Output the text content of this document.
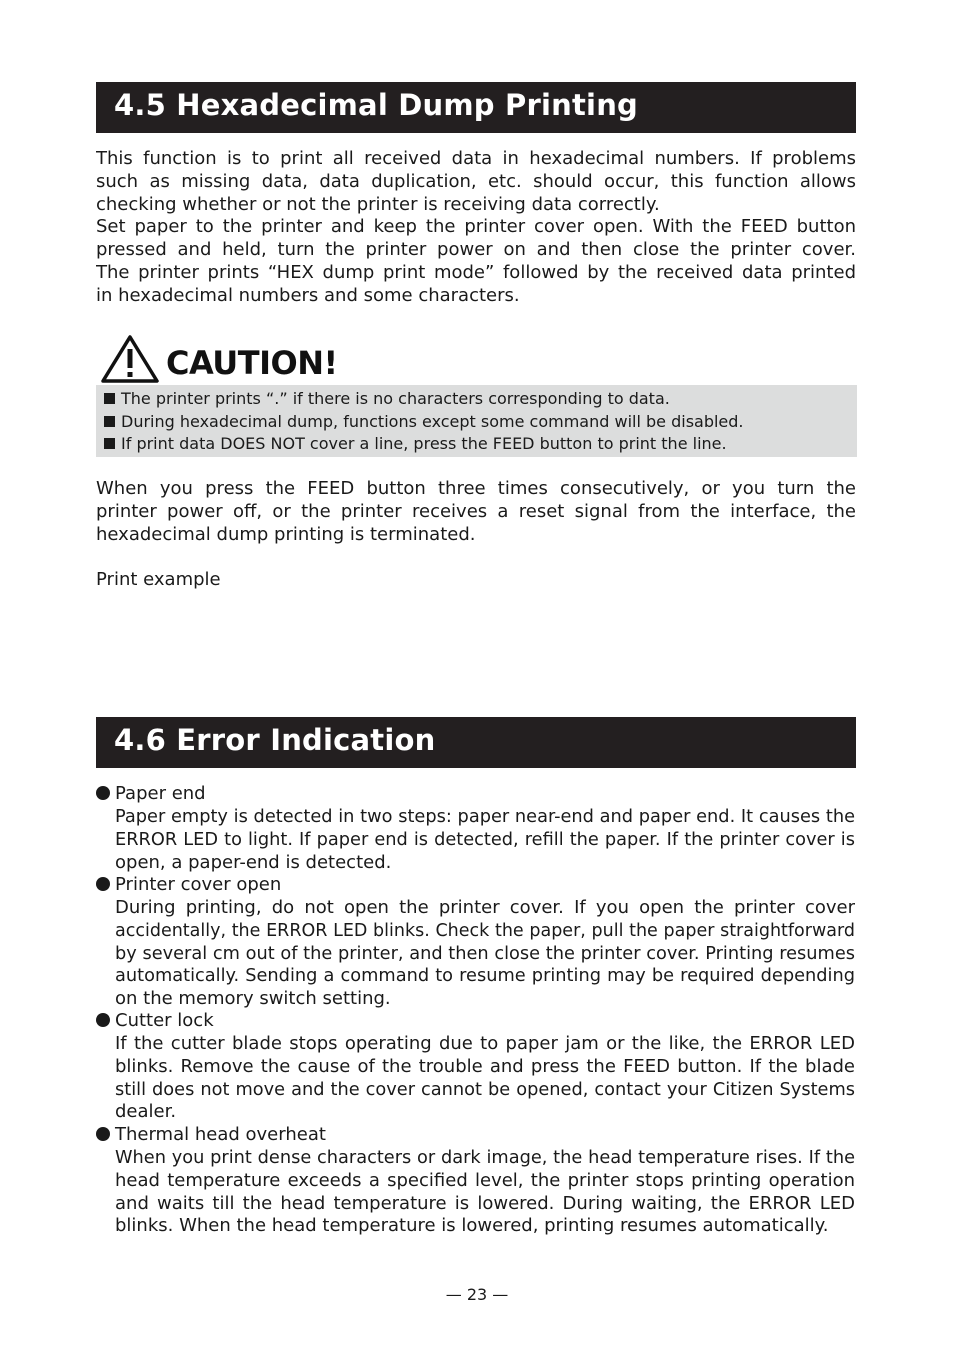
4.5 Hexadecimal Dump Printing
This function is to print all received data in hexadecimal numbers. If problems
such as missing data, data duplication, etc. should occur, this function allows
checking whether or not the printer is receiving data correctly.
Set paper to the printer and keep the printer cover open. With the FEED button
pressed and held, turn the printer power on and then close the printer cover.
The printer prints “HEX dump print mode” followed by the received data printed
in hexadecimal numbers and some characters.
CAUTION!
The printer prints “.” if there is no characters corresponding to data.
During hexadecimal dump, functions except some command will be disabled.
If print data DOES NOT cover a line, press the FEED button to print the line.
When you press the FEED button three times consecutively, or you turn the
printer power off, or the printer receives a reset signal from the interface, the
hexadecimal dump printing is terminated.
Print example
4.6 Error Indication
Paper end
Paper empty is detected in two steps: paper near-end and paper end. It causes the
ERROR LED to light. If paper end is detected, refill the paper. If the printer cover is
open, a paper-end is detected.
Printer cover open
During printing, do not open the printer cover. If you open the printer cover
accidentally, the ERROR LED blinks. Check the paper, pull the paper straightforward
by several cm out of the printer, and then close the printer cover. Printing resumes
automatically. Sending a command to resume printing may be required depending
on the memory switch setting.
Cutter lock
If the cutter blade stops operating due to paper jam or the like, the ERROR LED
blinks. Remove the cause of the trouble and press the FEED button. If the blade
still does not move and the cover cannot be opened, contact your Citizen Systems
dealer.
Thermal head overheat
When you print dense characters or dark image, the head temperature rises. If the
head temperature exceeds a specified level, the printer stops printing operation
and waits till the head temperature is lowered. During waiting, the ERROR LED
blinks. When the head temperature is lowered, printing resumes automatically.
— 23 —
